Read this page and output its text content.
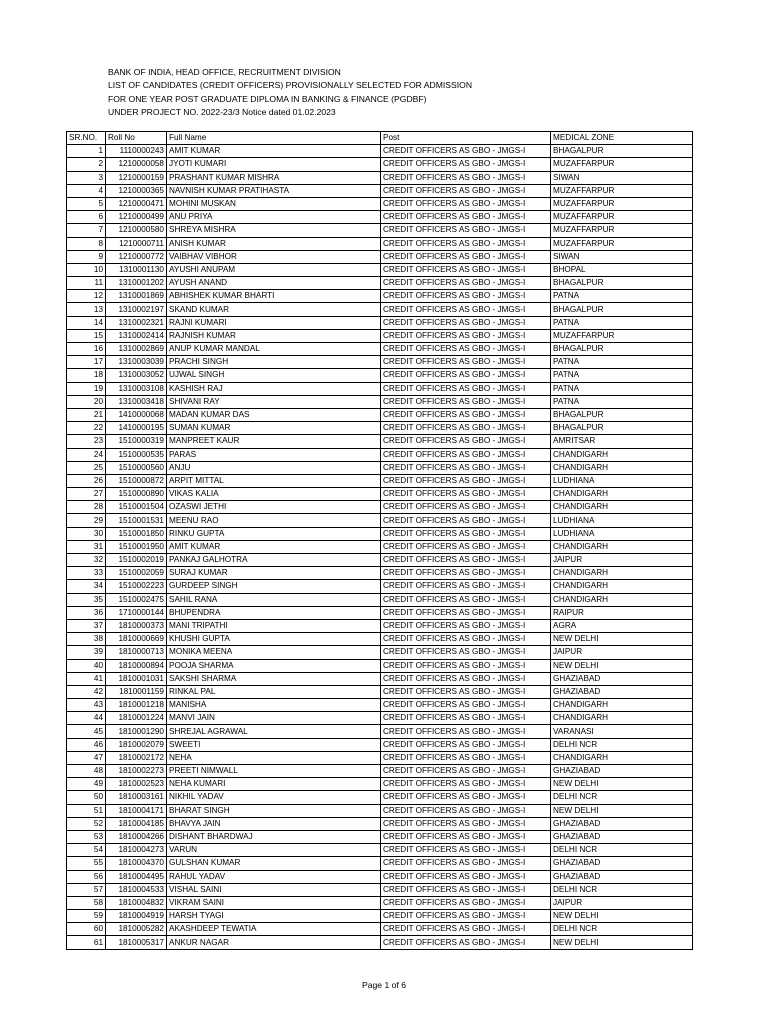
BANK OF INDIA, HEAD OFFICE, RECRUITMENT DIVISION
LIST OF CANDIDATES (CREDIT OFFICERS) PROVISIONALLY SELECTED FOR ADMISSION
FOR ONE YEAR POST GRADUATE DIPLOMA IN BANKING & FINANCE (PGDBF)
UNDER PROJECT NO. 2022-23/3 Notice dated 01.02.2023
SR.NO.	Roll No	Full Name	Post	MEDICAL ZONE
1	1110000243	AMIT KUMAR	CREDIT OFFICERS AS GBO - JMGS-I	BHAGALPUR
2	1210000058	JYOTI KUMARI	CREDIT OFFICERS AS GBO - JMGS-I	MUZAFFARPUR
3	1210000159	PRASHANT KUMAR MISHRA	CREDIT OFFICERS AS GBO - JMGS-I	SIWAN
4	1210000365	NAVNISH KUMAR PRATIHASTA	CREDIT OFFICERS AS GBO - JMGS-I	MUZAFFARPUR
5	1210000471	MOHINI MUSKAN	CREDIT OFFICERS AS GBO - JMGS-I	MUZAFFARPUR
6	1210000499	ANU PRIYA	CREDIT OFFICERS AS GBO - JMGS-I	MUZAFFARPUR
7	1210000580	SHREYA MISHRA	CREDIT OFFICERS AS GBO - JMGS-I	MUZAFFARPUR
8	1210000711	ANISH KUMAR	CREDIT OFFICERS AS GBO - JMGS-I	MUZAFFARPUR
9	1210000772	VAIBHAV VIBHOR	CREDIT OFFICERS AS GBO - JMGS-I	SIWAN
10	1310001130	AYUSHI ANUPAM	CREDIT OFFICERS AS GBO - JMGS-I	BHOPAL
11	1310001202	AYUSH ANAND	CREDIT OFFICERS AS GBO - JMGS-I	BHAGALPUR
12	1310001869	ABHISHEK KUMAR BHARTI	CREDIT OFFICERS AS GBO - JMGS-I	PATNA
13	1310002197	SKAND KUMAR	CREDIT OFFICERS AS GBO - JMGS-I	BHAGALPUR
14	1310002321	RAJNI KUMARI	CREDIT OFFICERS AS GBO - JMGS-I	PATNA
15	1310002414	RAJNISH KUMAR	CREDIT OFFICERS AS GBO - JMGS-I	MUZAFFARPUR
16	1310002869	ANUP KUMAR MANDAL	CREDIT OFFICERS AS GBO - JMGS-I	BHAGALPUR
17	1310003039	PRACHI SINGH	CREDIT OFFICERS AS GBO - JMGS-I	PATNA
18	1310003052	UJWAL SINGH	CREDIT OFFICERS AS GBO - JMGS-I	PATNA
19	1310003108	KASHISH RAJ	CREDIT OFFICERS AS GBO - JMGS-I	PATNA
20	1310003418	SHIVANI RAY	CREDIT OFFICERS AS GBO - JMGS-I	PATNA
21	1410000068	MADAN KUMAR DAS	CREDIT OFFICERS AS GBO - JMGS-I	BHAGALPUR
22	1410000195	SUMAN KUMAR	CREDIT OFFICERS AS GBO - JMGS-I	BHAGALPUR
23	1510000319	MANPREET KAUR	CREDIT OFFICERS AS GBO - JMGS-I	AMRITSAR
24	1510000535	PARAS	CREDIT OFFICERS AS GBO - JMGS-I	CHANDIGARH
25	1510000560	ANJU	CREDIT OFFICERS AS GBO - JMGS-I	CHANDIGARH
26	1510000872	ARPIT MITTAL	CREDIT OFFICERS AS GBO - JMGS-I	LUDHIANA
27	1510000890	VIKAS KALIA	CREDIT OFFICERS AS GBO - JMGS-I	CHANDIGARH
28	1510001504	OZASWI JETHI	CREDIT OFFICERS AS GBO - JMGS-I	CHANDIGARH
29	1510001531	MEENU RAO	CREDIT OFFICERS AS GBO - JMGS-I	LUDHIANA
30	1510001850	RINKU GUPTA	CREDIT OFFICERS AS GBO - JMGS-I	LUDHIANA
31	1510001950	AMIT KUMAR	CREDIT OFFICERS AS GBO - JMGS-I	CHANDIGARH
32	1510002019	PANKAJ GALHOTRA	CREDIT OFFICERS AS GBO - JMGS-I	JAIPUR
33	1510002059	SURAJ KUMAR	CREDIT OFFICERS AS GBO - JMGS-I	CHANDIGARH
34	1510002223	GURDEEP SINGH	CREDIT OFFICERS AS GBO - JMGS-I	CHANDIGARH
35	1510002475	SAHIL RANA	CREDIT OFFICERS AS GBO - JMGS-I	CHANDIGARH
36	1710000144	BHUPENDRA	CREDIT OFFICERS AS GBO - JMGS-I	RAIPUR
37	1810000373	MANI TRIPATHI	CREDIT OFFICERS AS GBO - JMGS-I	AGRA
38	1810000669	KHUSHI GUPTA	CREDIT OFFICERS AS GBO - JMGS-I	NEW DELHI
39	1810000713	MONIKA MEENA	CREDIT OFFICERS AS GBO - JMGS-I	JAIPUR
40	1810000894	POOJA SHARMA	CREDIT OFFICERS AS GBO - JMGS-I	NEW DELHI
41	1810001031	SAKSHI SHARMA	CREDIT OFFICERS AS GBO - JMGS-I	GHAZIABAD
42	1810001159	RINKAL PAL	CREDIT OFFICERS AS GBO - JMGS-I	GHAZIABAD
43	1810001218	MANISHA	CREDIT OFFICERS AS GBO - JMGS-I	CHANDIGARH
44	1810001224	MANVI JAIN	CREDIT OFFICERS AS GBO - JMGS-I	CHANDIGARH
45	1810001290	SHREJAL AGRAWAL	CREDIT OFFICERS AS GBO - JMGS-I	VARANASI
46	1810002079	SWEETI	CREDIT OFFICERS AS GBO - JMGS-I	DELHI NCR
47	1810002172	NEHA	CREDIT OFFICERS AS GBO - JMGS-I	CHANDIGARH
48	1810002273	PREETI NIMWALL	CREDIT OFFICERS AS GBO - JMGS-I	GHAZIABAD
49	1810002523	NEHA KUMARI	CREDIT OFFICERS AS GBO - JMGS-I	NEW DELHI
50	1810003161	NIKHIL YADAV	CREDIT OFFICERS AS GBO - JMGS-I	DELHI NCR
51	1810004171	BHARAT SINGH	CREDIT OFFICERS AS GBO - JMGS-I	NEW DELHI
52	1810004185	BHAVYA JAIN	CREDIT OFFICERS AS GBO - JMGS-I	GHAZIABAD
53	1810004266	DISHANT BHARDWAJ	CREDIT OFFICERS AS GBO - JMGS-I	GHAZIABAD
54	1810004273	VARUN	CREDIT OFFICERS AS GBO - JMGS-I	DELHI NCR
55	1810004370	GULSHAN KUMAR	CREDIT OFFICERS AS GBO - JMGS-I	GHAZIABAD
56	1810004495	RAHUL YADAV	CREDIT OFFICERS AS GBO - JMGS-I	GHAZIABAD
57	1810004533	VISHAL SAINI	CREDIT OFFICERS AS GBO - JMGS-I	DELHI NCR
58	1810004832	VIKRAM SAINI	CREDIT OFFICERS AS GBO - JMGS-I	JAIPUR
59	1810004919	HARSH TYAGI	CREDIT OFFICERS AS GBO - JMGS-I	NEW DELHI
60	1810005282	AKASHDEEP TEWATIA	CREDIT OFFICERS AS GBO - JMGS-I	DELHI NCR
61	1810005317	ANKUR NAGAR	CREDIT OFFICERS AS GBO - JMGS-I	NEW DELHI
Page 1 of 6
